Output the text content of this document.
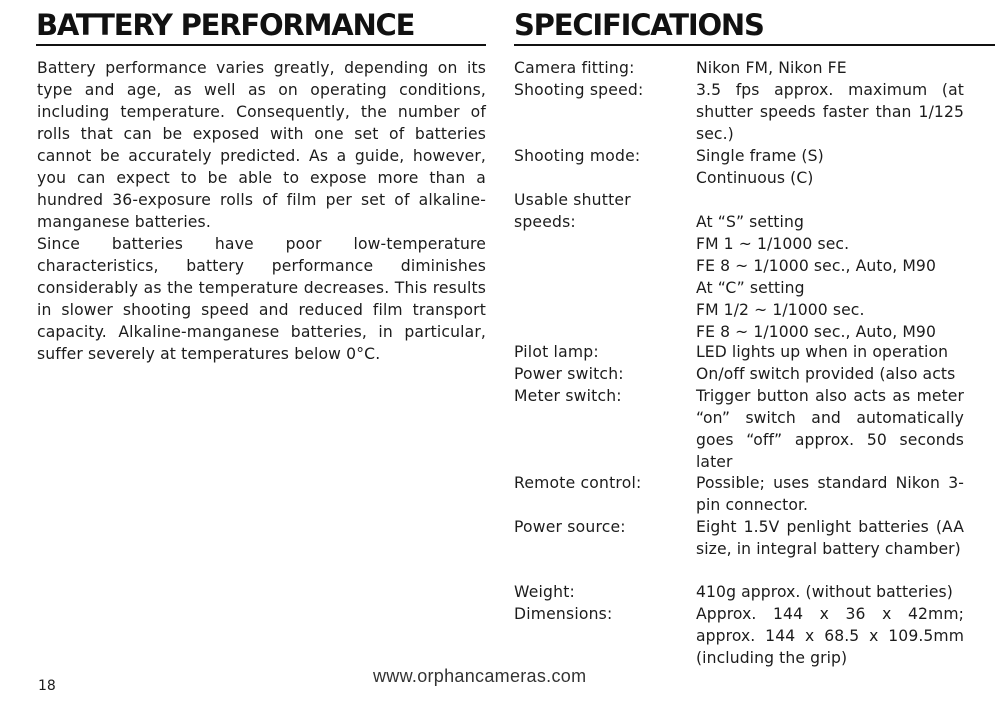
BATTERY PERFORMANCE	SPECIFICATIONS

Battery performance varies greatly, depending on its type and age, as well as on operating conditions, including temperature. Consequently, the number of rolls that can be exposed with one set of batteries cannot be accurately predicted. As a guide, however, you can expect to be able to expose more than a hundred 36-exposure rolls of film per set of alkaline-manganese batteries.

Since batteries have poor low-temperature characteristics, battery performance diminishes considerably as the temperature decreases. This results in slower shooting speed and reduced film transport capacity. Alkaline-manganese batteries, in particular, suffer severely at temperatures below 0°C.

Camera fitting:	Nikon FM, Nikon FE
Shooting speed:	3.5 fps approx. maximum (at shutter speeds faster than 1/125 sec.)
Shooting mode:	Single frame (S)
Continuous (C)
Usable shutter
speeds:	At “S” setting
FM 1 ~ 1/1000 sec.
FE 8 ~ 1/1000 sec., Auto, M90
At “C” setting
FM 1/2 ~ 1/1000 sec.
FE 8 ~ 1/1000 sec., Auto, M90
Pilot lamp:	LED lights up when in operation
Power switch:	On/off switch provided (also acts
Meter switch:	Trigger button also acts as meter “on” switch and automatically goes “off” approx. 50 seconds later
Remote control:	Possible; uses standard Nikon 3-pin connector.
Power source:	Eight 1.5V penlight batteries (AA size, in integral battery chamber)
Weight:	410g approx. (without batteries)
Dimensions:	Approx. 144 x 36 x 42mm; approx. 144 x 68.5 x 109.5mm (including the grip)
18	www.orphancameras.com
